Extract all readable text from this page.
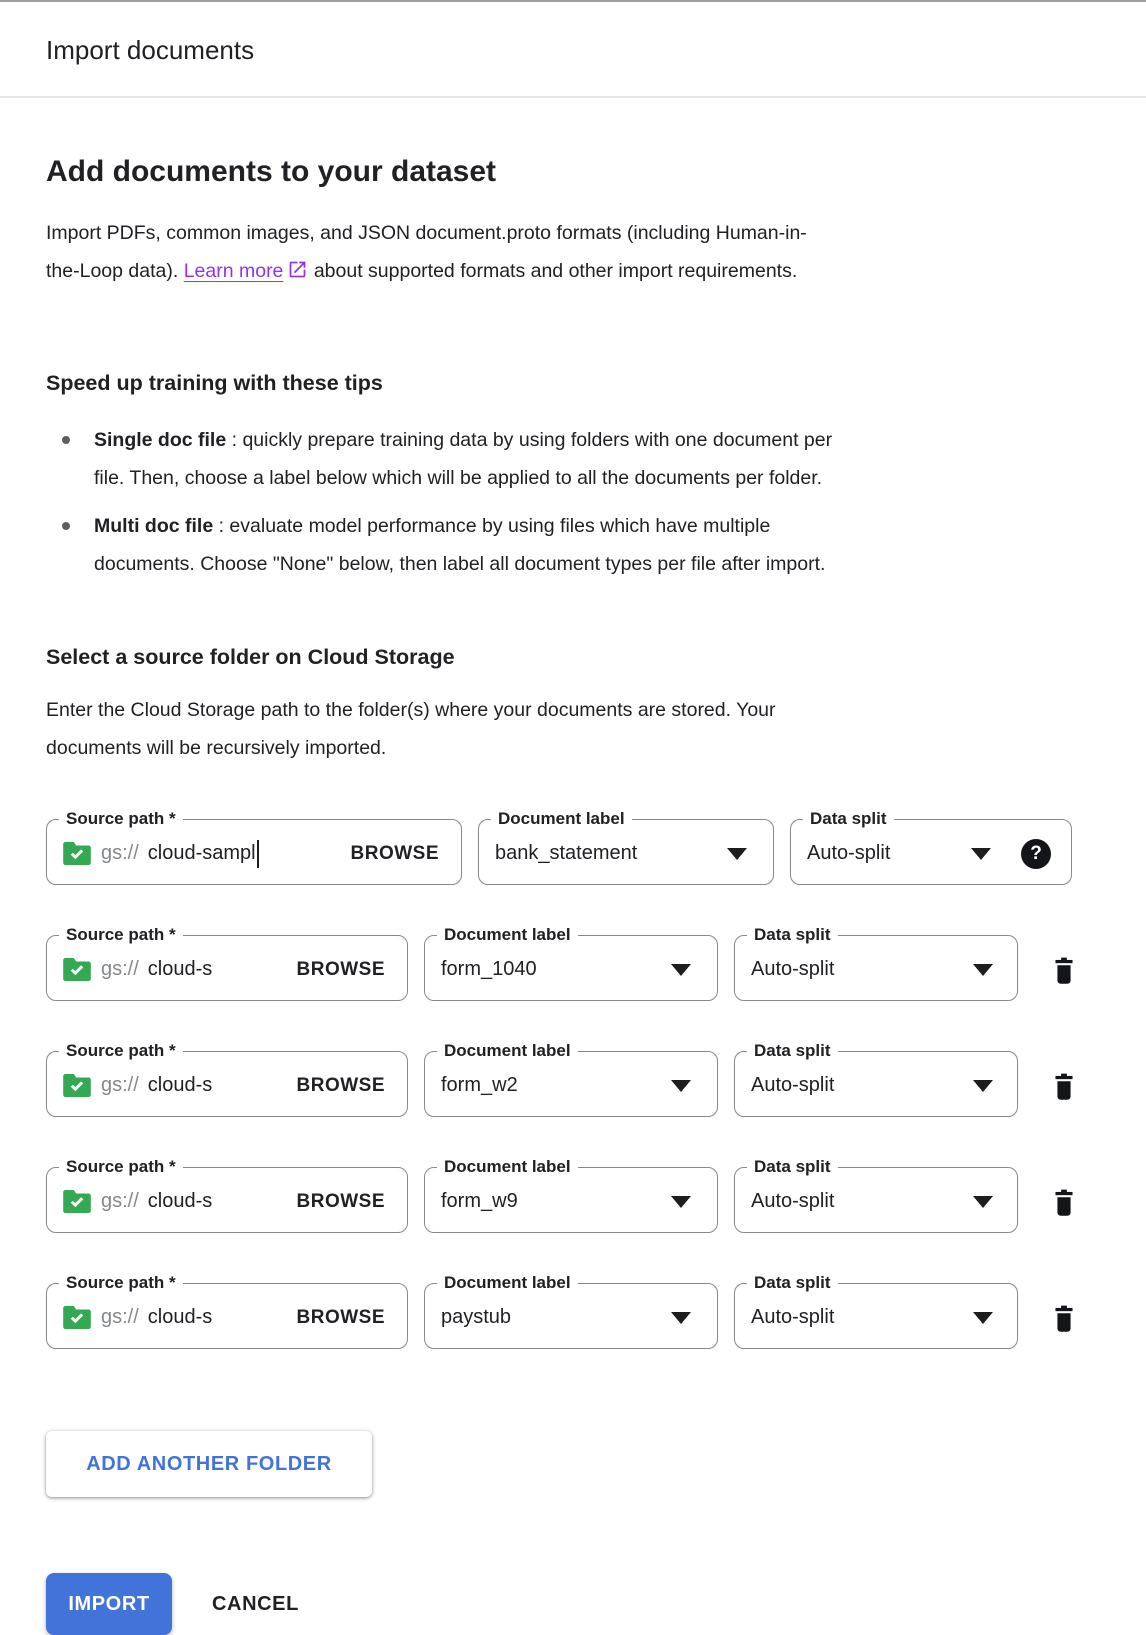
Import documents
Add documents to your dataset

Import PDFs, common images, and JSON document.proto formats (including Human-in-
the-Loop data). Learn more about supported formats and other import requirements.

Speed up training with these tips
Single doc file : quickly prepare training data by using folders with one document per
file. Then, choose a label below which will be applied to all the documents per folder.
Multi doc file : evaluate model performance by using files which have multiple
documents. Choose "None" below, then label all document types per file after import.
Select a source folder on Cloud Storage

Enter the Cloud Storage path to the folder(s) where your documents are stored. Your
documents will be recursively imported.

Source path *
gs:// cloud-sampl	BROWSE
Document label
bank_statement
Data split
Auto-split	?
Source path *
gs:// cloud-s	BROWSE
Document label
form_1040
Data split
Auto-split
Source path *
gs:// cloud-s	BROWSE
Document label
form_w2
Data split
Auto-split
Source path *
gs:// cloud-s	BROWSE
Document label
form_w9
Data split
Auto-split
Source path *
gs:// cloud-s	BROWSE
Document label
paystub
Data split
Auto-split
ADD ANOTHER FOLDER
IMPORT	CANCEL
